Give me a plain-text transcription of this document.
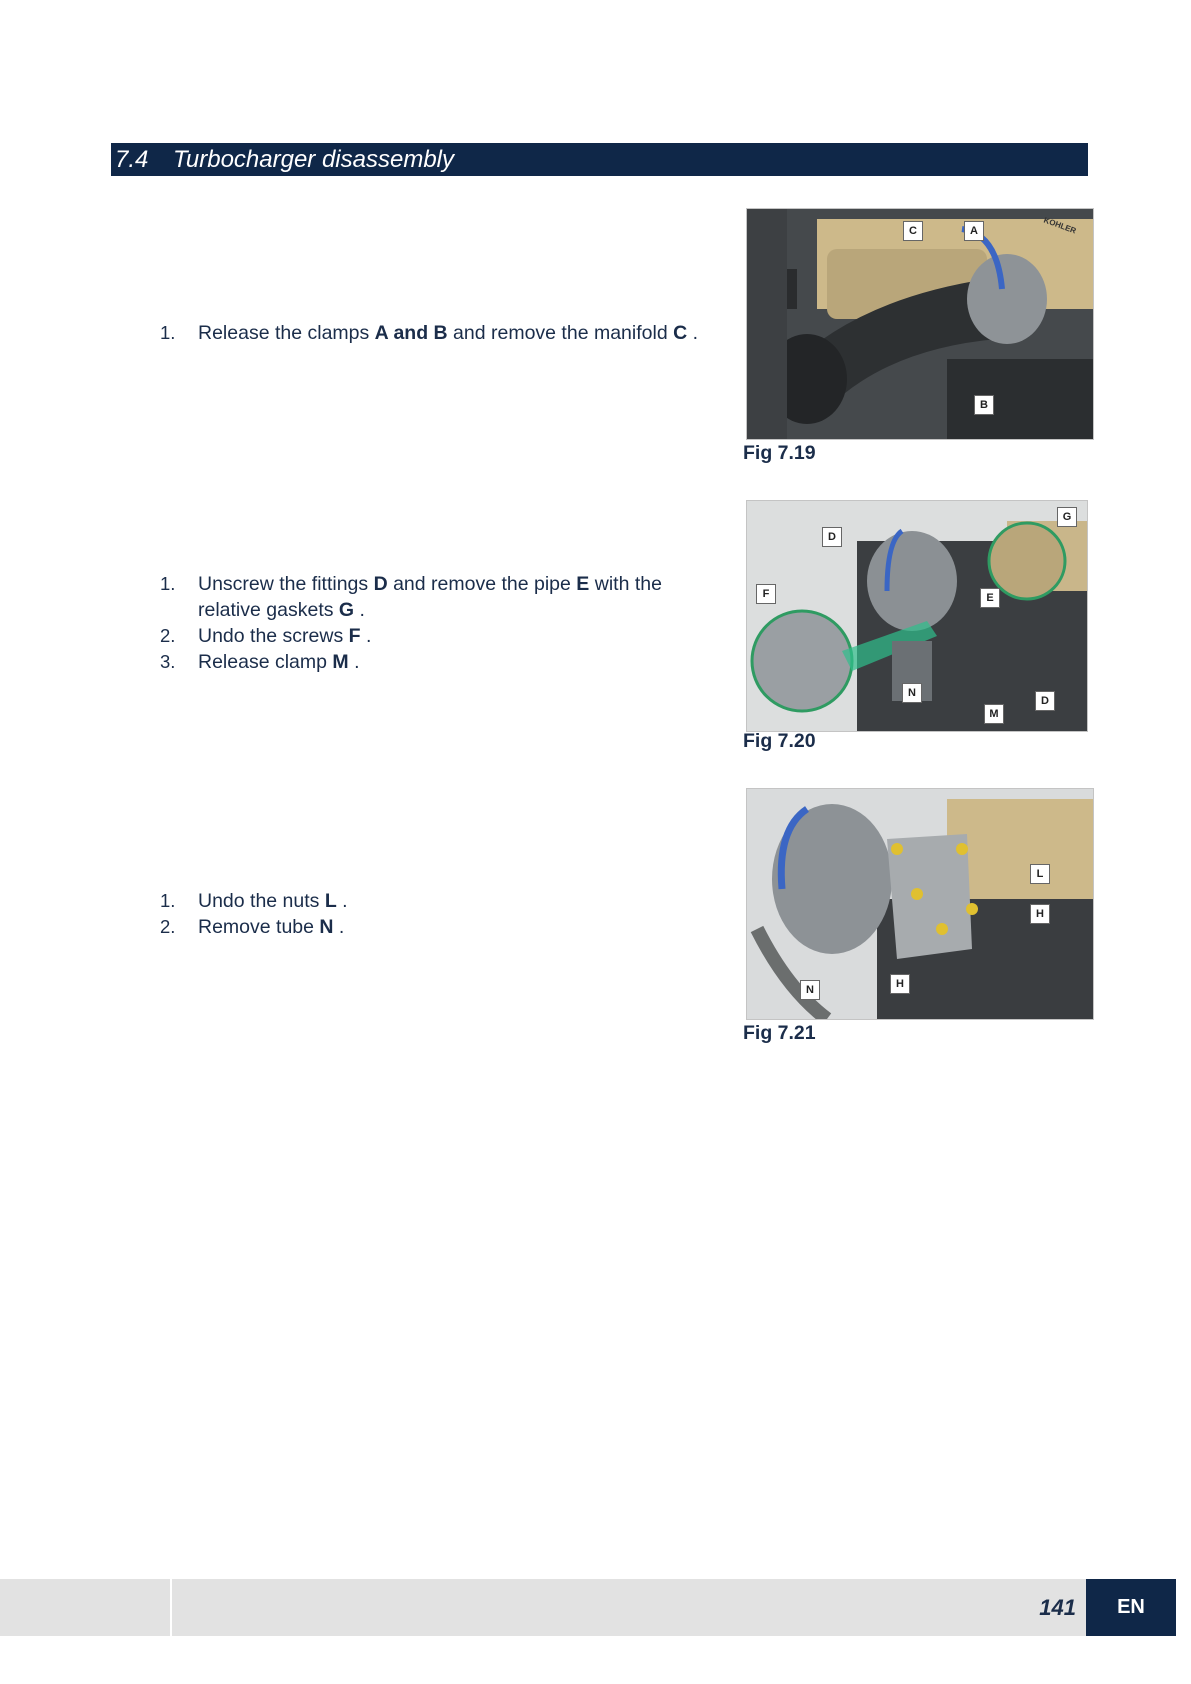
7.4	Turbocharger disassembly
1.	Release the clamps A and B and remove the manifold C .
1.	Unscrew the fittings D and remove the pipe E with the relative gaskets G .
2.	Undo the screws F .
3.	Release clamp M .
1.	Undo the nuts L .
2.	Remove tube N .
C	A
B
KOHLER
Fig 7.19
D
G
F	E
N
D
M
Fig 7.20
L
H
N	H
Fig 7.21
141	EN
